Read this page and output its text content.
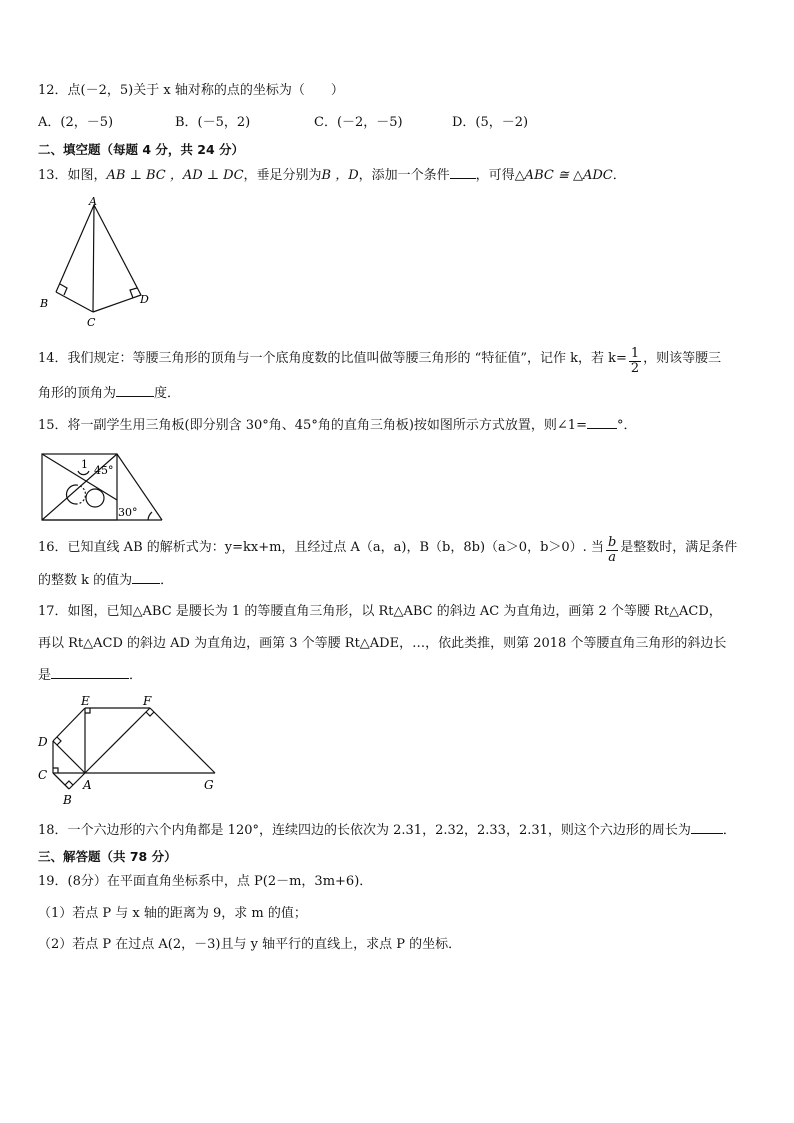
12．点(－2，5)关于 x 轴对称的点的坐标为（　　）
A．(2，－5)	B．(－5，2)	C．(－2，－5)	D．(5，－2)
二、填空题（每题 4 分，共 24 分）
13．如图，AB ⊥ BC ，AD ⊥ DC，垂足分别为B ，D，添加一个条件 ，可得△ABC ≅ △ADC．
A
B
C
D
14．我们规定：等腰三角形的顶角与一个底角度数的比值叫做等腰三角形的 “特征值”，记作 k，若 $k= \frac{1}{2}$ ，则该等腰三
角形的顶角为	度．
15．将一副学生用三角板(即分别含 30°角、45°角的直角三角板)按如图所示方式放置，则∠1= °．
1 45°
30°
16．已知直线 AB 的解析式为：y=kx+m，且经过点 A（a，a)，B（b，8b)（a＞0，b＞0）. 当 $\frac{b}{a}$ 是整数时，满足条件
的整数 k 的值为 ．
17．如图，已知△ABC 是腰长为 1 的等腰直角三角形，以 Rt△ABC 的斜边 AC 为直角边，画第 2 个等腰 Rt△ACD，
再以 Rt△ACD 的斜边 AD 为直角边，画第 3 个等腰 Rt△ADE，…，依此类推，则第 2018 个等腰直角三角形的斜边长
是	．
E	F
D
C
A
B
G
18．一个六边形的六个内角都是 120°，连续四边的长依次为 2.31，2.32，2.33，2.31，则这个六边形的周长为 ．
三、解答题（共 78 分）
19．(8分）在平面直角坐标系中，点 P(2－m，3m+6)．
（1）若点 P 与 x 轴的距离为 9，求 m 的值；
（2）若点 P 在过点 A(2，－3)且与 y 轴平行的直线上，求点 P 的坐标．
